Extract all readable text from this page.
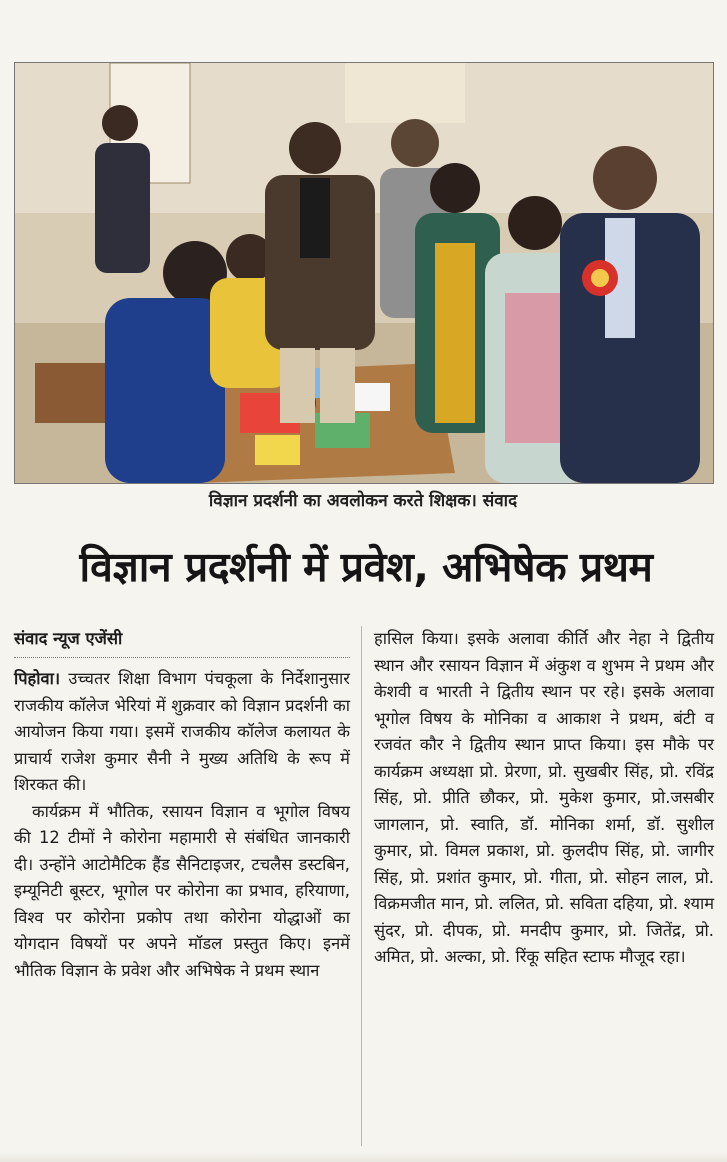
विज्ञान प्रदर्शनी का अवलोकन करते शिक्षक। संवाद
विज्ञान प्रदर्शनी में प्रवेश, अभिषेक प्रथम
संवाद न्यूज एजेंसी

पिहोवा। उच्चतर शिक्षा विभाग पंचकूला के निर्देशानुसार राजकीय कॉलेज भेरियां में शुक्रवार को विज्ञान प्रदर्शनी का आयोजन किया गया। इसमें राजकीय कॉलेज कलायत के प्राचार्य राजेश कुमार सैनी ने मुख्य अतिथि के रूप में शिरकत की।

कार्यक्रम में भौतिक, रसायन विज्ञान व भूगोल विषय की 12 टीमों ने कोरोना महामारी से संबंधित जानकारी दी। उन्होंने आटोमैटिक हैंड सैनिटाइजर, टचलैस डस्टबिन, इम्यूनिटी बूस्टर, भूगोल पर कोरोना का प्रभाव, हरियाणा, विश्व पर कोरोना प्रकोप तथा कोरोना योद्धाओं का योगदान विषयों पर अपने मॉडल प्रस्तुत किए। इनमें भौतिक विज्ञान के प्रवेश और अभिषेक ने प्रथम स्थान

हासिल किया। इसके अलावा कीर्ति और नेहा ने द्वितीय स्थान और रसायन विज्ञान में अंकुश व शुभम ने प्रथम और केशवी व भारती ने द्वितीय स्थान पर रहे। इसके अलावा भूगोल विषय के मोनिका व आकाश ने प्रथम, बंटी व रजवंत कौर ने द्वितीय स्थान प्राप्त किया। इस मौके पर कार्यक्रम अध्यक्षा प्रो. प्रेरणा, प्रो. सुखबीर सिंह, प्रो. रविंद्र सिंह, प्रो. प्रीति छौकर, प्रो. मुकेश कुमार, प्रो.जसबीर जागलान, प्रो. स्वाति, डॉ. मोनिका शर्मा, डॉ. सुशील कुमार, प्रो. विमल प्रकाश, प्रो. कुलदीप सिंह, प्रो. जागीर सिंह, प्रो. प्रशांत कुमार, प्रो. गीता, प्रो. सोहन लाल, प्रो. विक्रमजीत मान, प्रो. ललित, प्रो. सविता दहिया, प्रो. श्याम सुंदर, प्रो. दीपक, प्रो. मनदीप कुमार, प्रो. जितेंद्र, प्रो. अमित, प्रो. अल्का, प्रो. रिंकू सहित स्टाफ मौजूद रहा।
